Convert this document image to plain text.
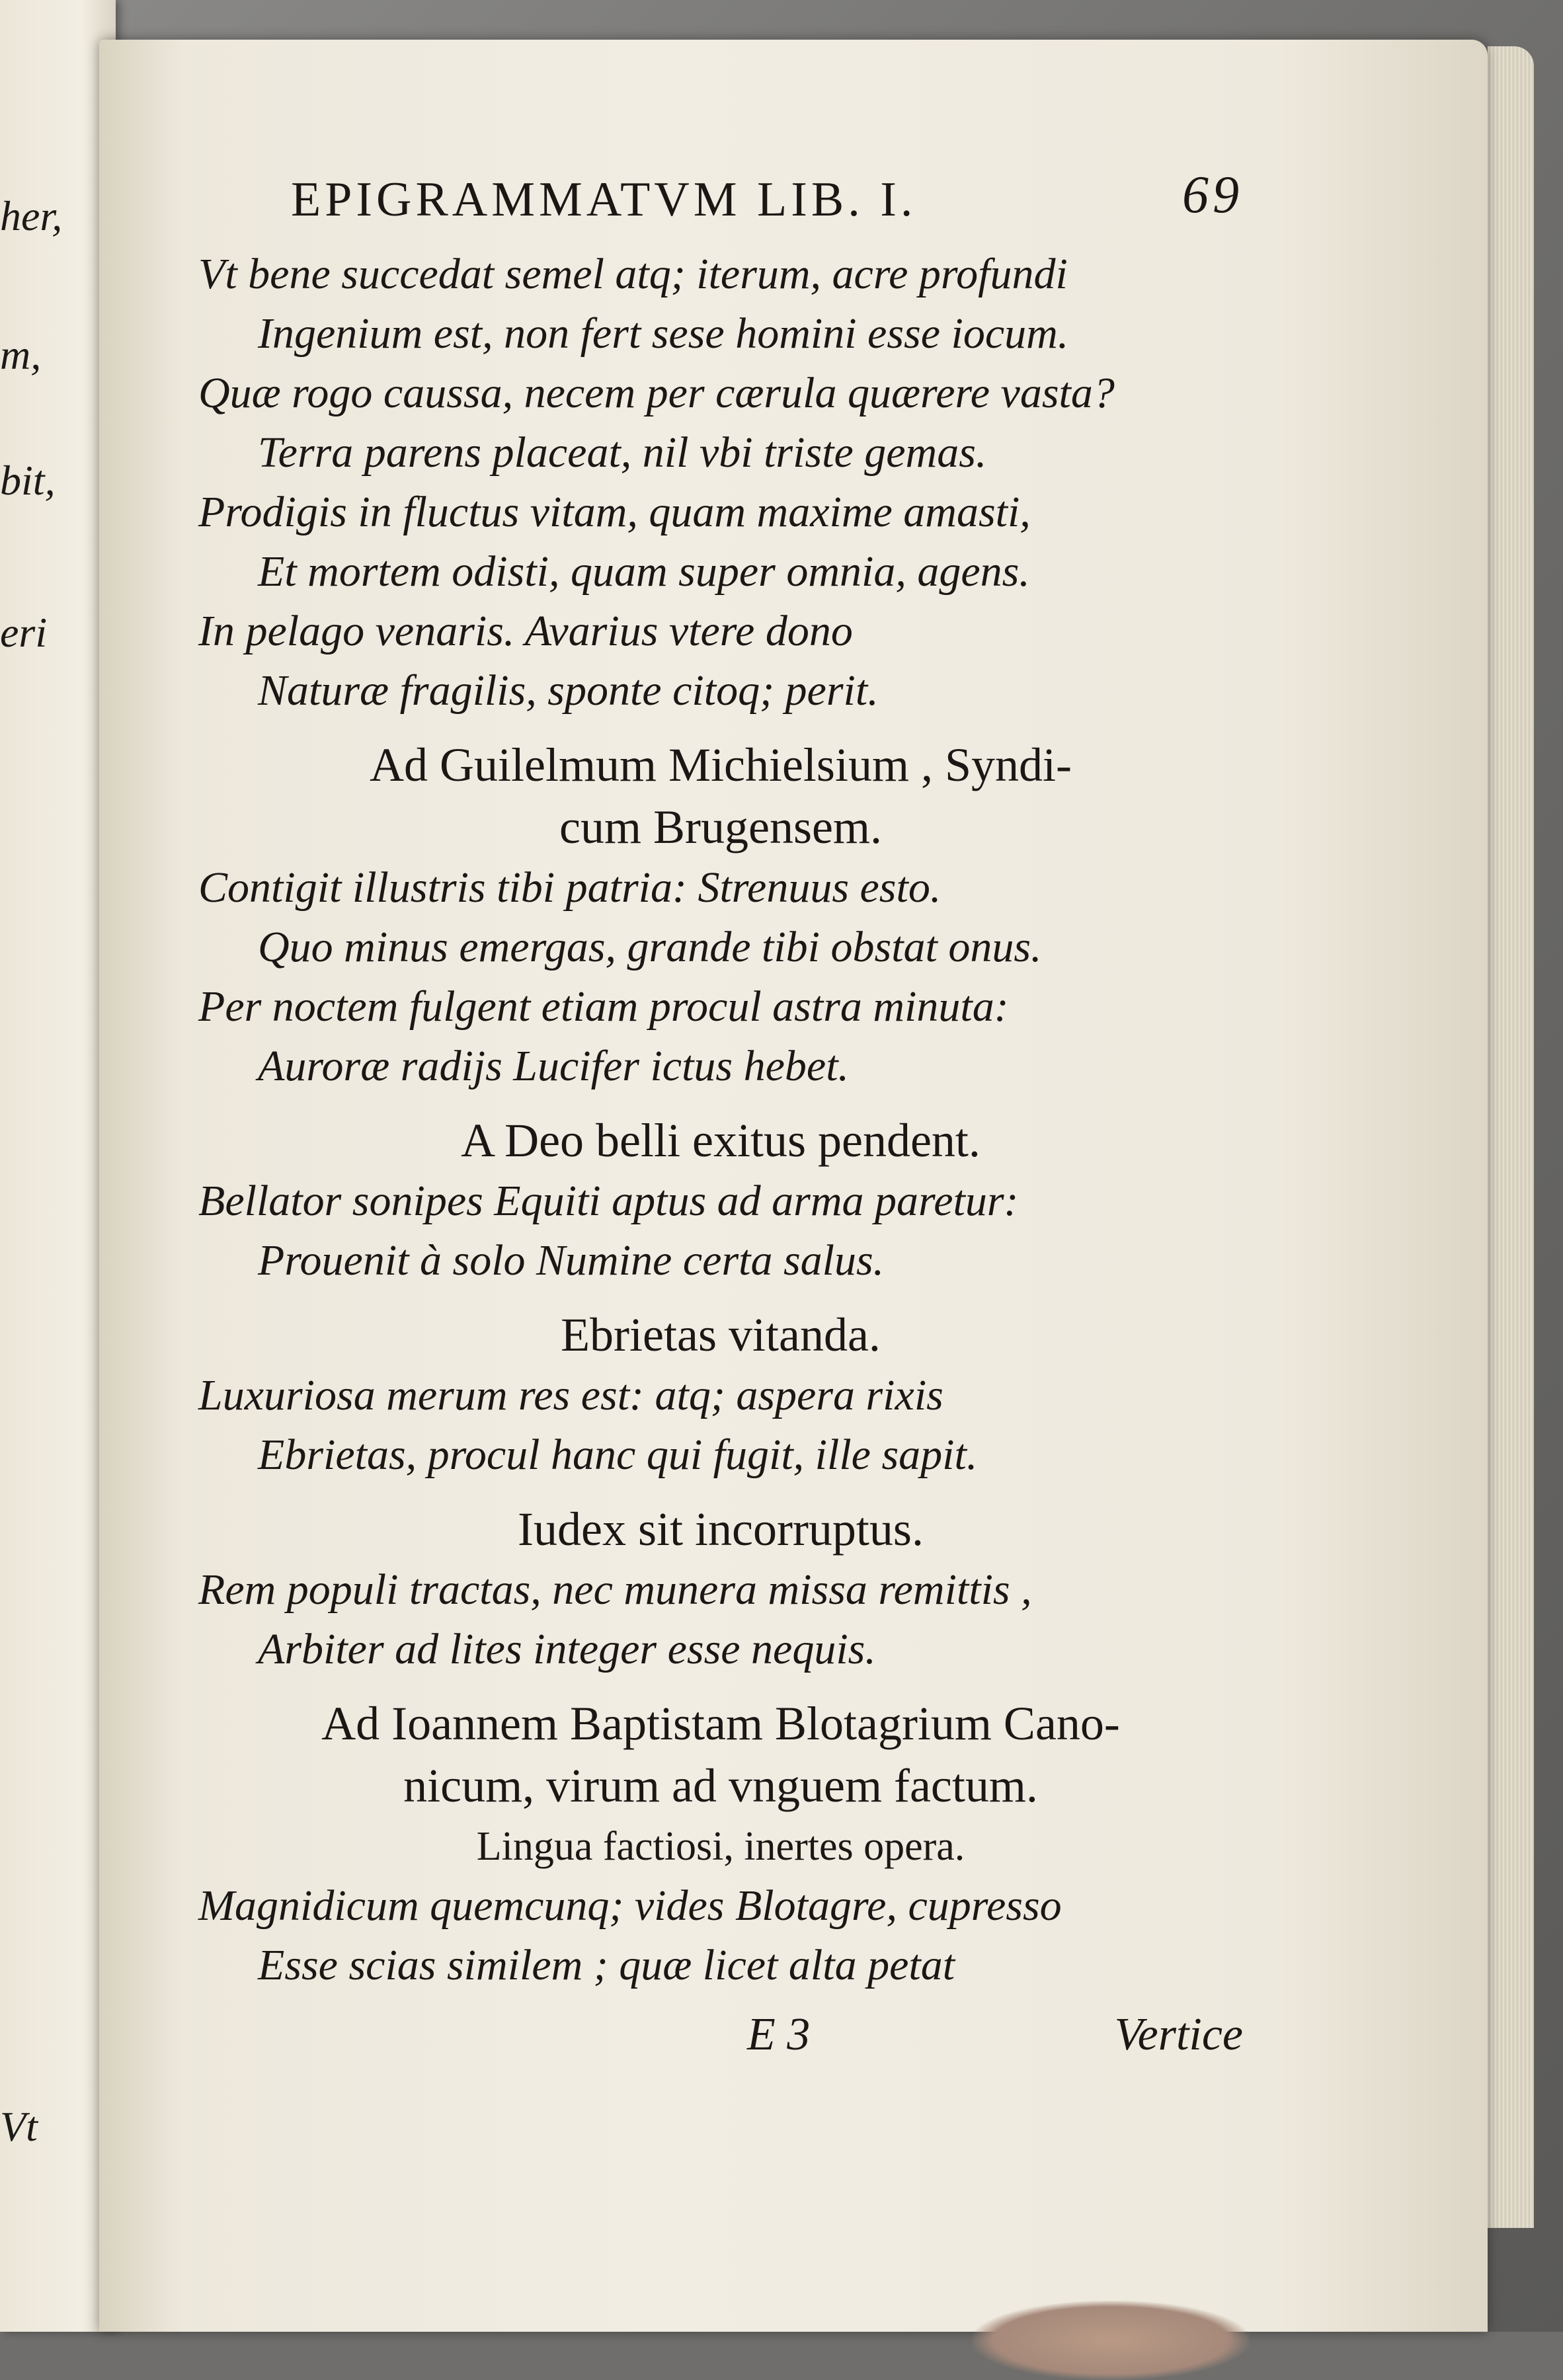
her,
m,
bit,
eri
Vt
EPIGRAMMATVM LIB. I.	69
Vt bene succedat semel atq; iterum, acre profundi
Ingenium est, non fert sese homini esse iocum.
Quæ rogo caussa, necem per cærula quærere vasta?
Terra parens placeat, nil vbi triste gemas.
Prodigis in fluctus vitam, quam maxime amasti,
Et mortem odisti, quam super omnia, agens.
In pelago venaris. Avarius vtere dono
Naturæ fragilis, sponte citoq; perit.
Ad Guilelmum Michielsium , Syndi-
cum Brugensem.
Contigit illustris tibi patria: Strenuus esto.
Quo minus emergas, grande tibi obstat onus.
Per noctem fulgent etiam procul astra minuta:
Auroræ radijs Lucifer ictus hebet.
A Deo belli exitus pendent.
Bellator sonipes Equiti aptus ad arma paretur:
Prouenit à solo Numine certa salus.
Ebrietas vitanda.
Luxuriosa merum res est: atq; aspera rixis
Ebrietas, procul hanc qui fugit, ille sapit.
Iudex sit incorruptus.
Rem populi tractas, nec munera missa remittis ,
Arbiter ad lites integer esse nequis.
Ad Ioannem Baptistam Blotagrium Cano-
nicum, virum ad vnguem factum.
Lingua factiosi, inertes opera.
Magnidicum quemcunq; vides Blotagre, cupresso
Esse scias similem ; quæ licet alta petat
E 3	Vertice
